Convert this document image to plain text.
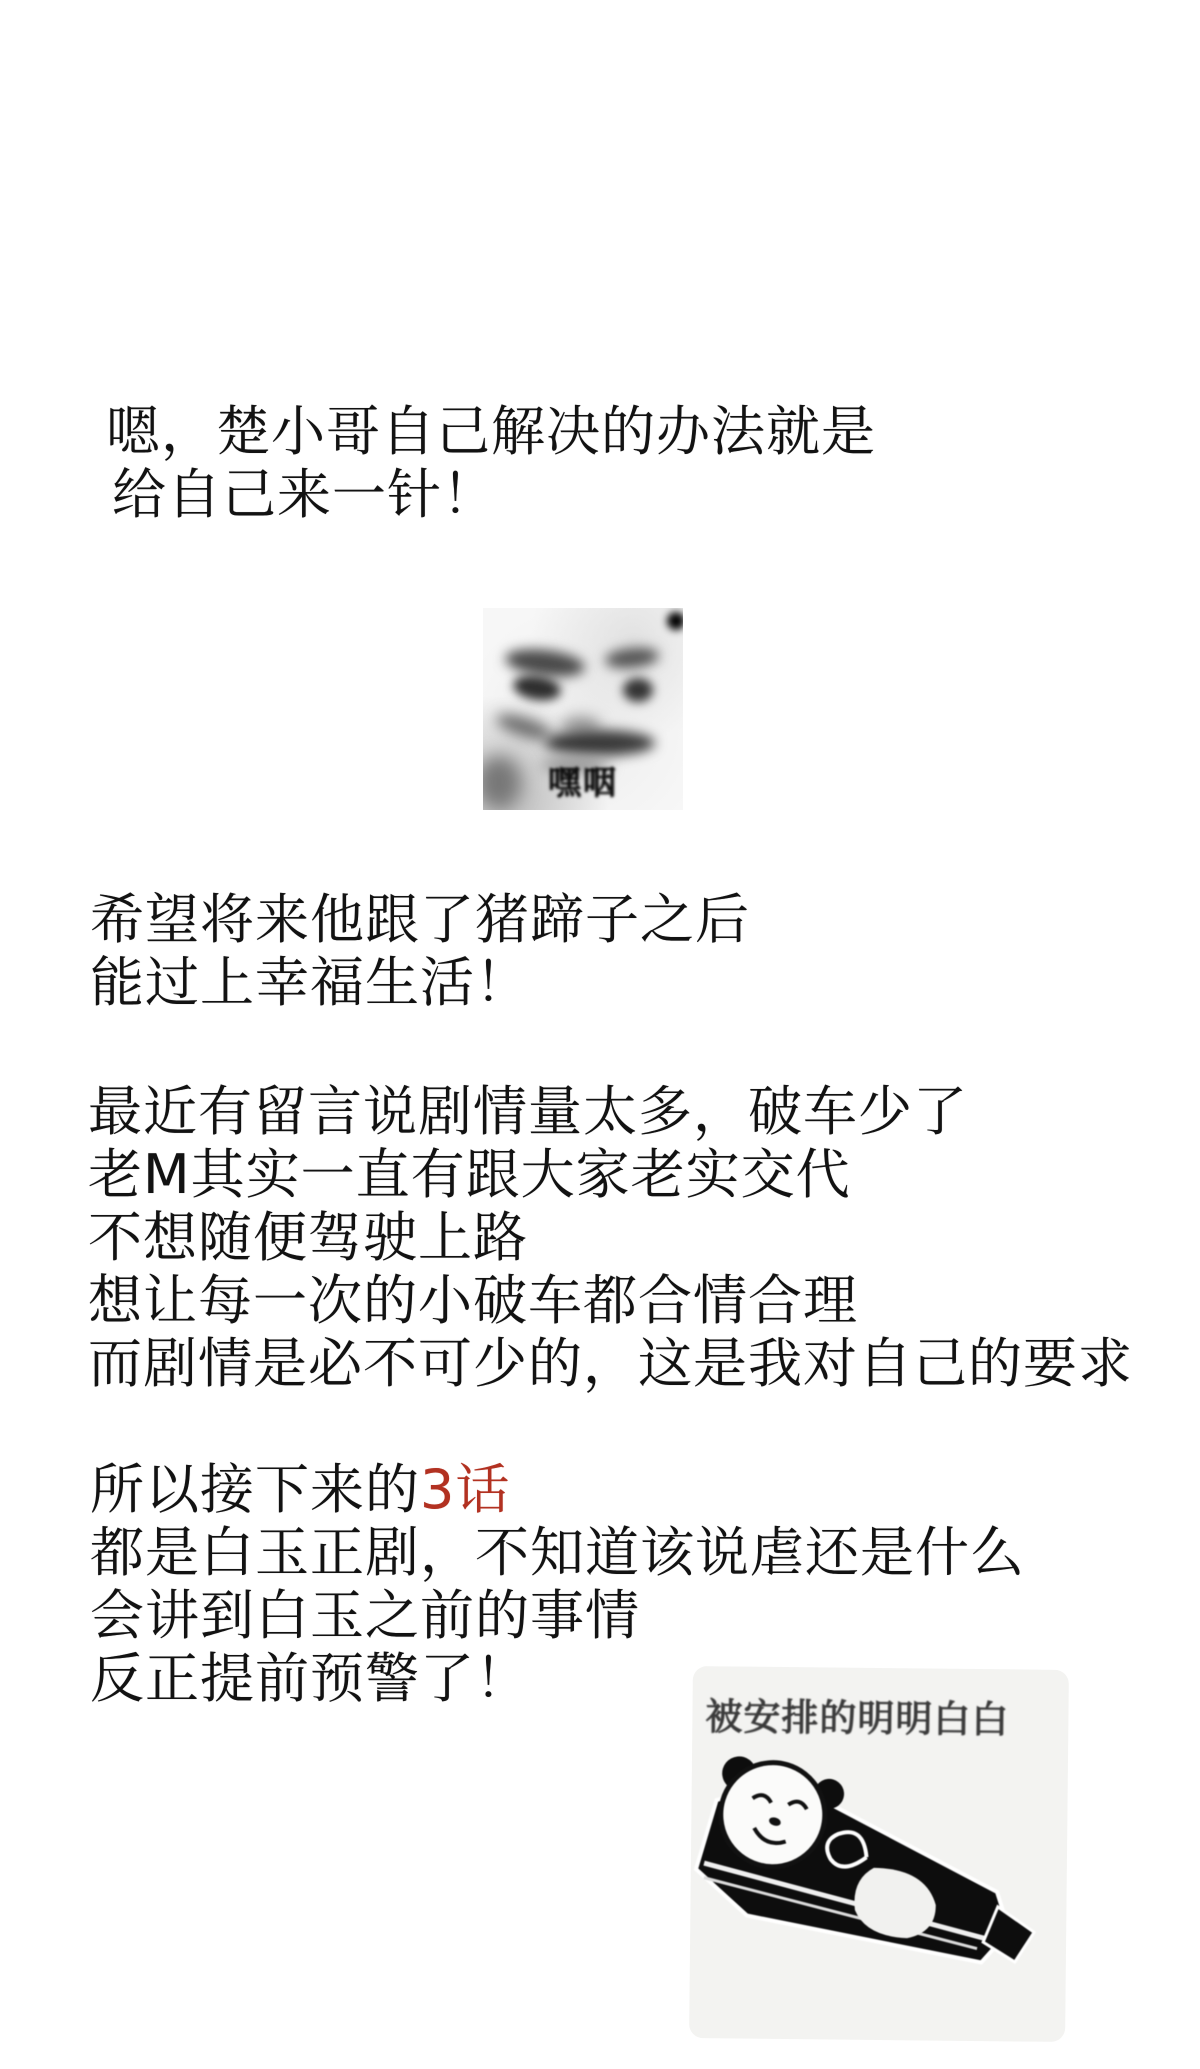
嗯，楚小哥自己解决的办法就是
给自己来一针！
嘿咽
希望将来他跟了猪蹄子之后
能过上幸福生活！
最近有留言说剧情量太多，破车少了
老M其实一直有跟大家老实交代
不想随便驾驶上路
想让每一次的小破车都合情合理
而剧情是必不可少的，这是我对自己的要求
所以接下来的3话
都是白玉正剧，不知道该说虐还是什么
会讲到白玉之前的事情
反正提前预警了！
被安排的明明白白
